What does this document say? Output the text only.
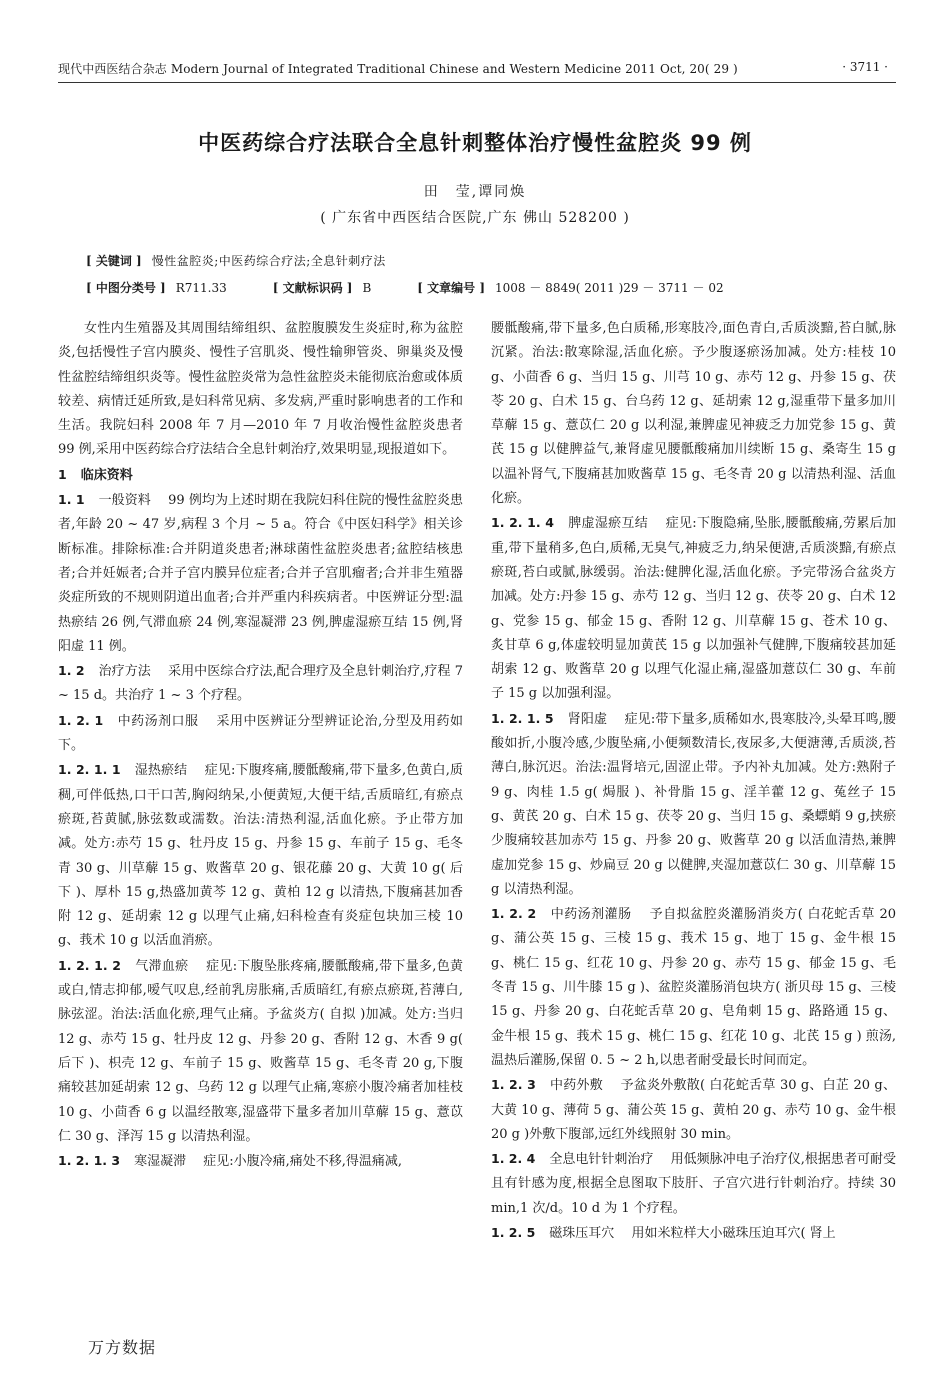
现代中西医结合杂志 Modern Journal of Integrated Traditional Chinese and Western Medicine 2011 Oct, 20( 29 )	· 3711 ·
中医药综合疗法联合全息针刺整体治疗慢性盆腔炎 99 例
田　莹,谭同焕
( 广东省中西医结合医院,广东 佛山 528200 )
[ 关键词 ] 慢性盆腔炎;中医药综合疗法;全息针刺疗法
[ 中图分类号 ] R711.33	[ 文献标识码 ] B	[ 文章编号 ] 1008 － 8849( 2011 )29 － 3711 － 02

女性内生殖器及其周围结缔组织、盆腔腹膜发生炎症时,称为盆腔炎,包括慢性子宫内膜炎、慢性子宫肌炎、慢性输卵管炎、卵巢炎及慢性盆腔结缔组织炎等。慢性盆腔炎常为急性盆腔炎未能彻底治愈或体质较差、病情迁延所致,是妇科常见病、多发病,严重时影响患者的工作和生活。我院妇科 2008 年 7 月—2010 年 7 月收治慢性盆腔炎患者 99 例,采用中医药综合疗法结合全息针刺治疗,效果明显,现报道如下。

1 临床资料

1. 1 一般资料　 99 例均为上述时期在我院妇科住院的慢性盆腔炎患者,年龄 20 ~ 47 岁,病程 3 个月 ~ 5 a。符合《中医妇科学》相关诊断标准。排除标准:合并阴道炎患者;淋球菌性盆腔炎患者;盆腔结核患者;合并妊娠者;合并子宫内膜异位症者;合并子宫肌瘤者;合并非生殖器炎症所致的不规则阴道出血者;合并严重内科疾病者。中医辨证分型:温热瘀结 26 例,气滞血瘀 24 例,寒湿凝滞 23 例,脾虚湿瘀互结 15 例,肾阳虚 11 例。

1. 2 治疗方法　 采用中医综合疗法,配合理疗及全息针刺治疗,疗程 7 ~ 15 d。共治疗 1 ~ 3 个疗程。

1. 2. 1 中药汤剂口服　 采用中医辨证分型辨证论治,分型及用药如下。

1. 2. 1. 1 湿热瘀结　 症见:下腹疼痛,腰骶酸痛,带下量多,色黄白,质稠,可伴低热,口干口苦,胸闷纳呆,小便黄短,大便干结,舌质暗红,有瘀点瘀斑,苔黄腻,脉弦数或濡数。治法:清热利湿,活血化瘀。予止带方加减。处方:赤芍 15 g、牡丹皮 15 g、丹参 15 g、车前子 15 g、毛冬青 30 g、川草薢 15 g、败酱草 20 g、银花藤 20 g、大黄 10 g( 后下 )、厚朴 15 g,热盛加黄芩 12 g、黄柏 12 g 以清热,下腹痛甚加香附 12 g、延胡索 12 g 以理气止痛,妇科检查有炎症包块加三棱 10 g、莪术 10 g 以活血消瘀。

1. 2. 1. 2 气滞血瘀　 症见:下腹坠胀疼痛,腰骶酸痛,带下量多,色黄或白,情志抑郁,嗳气叹息,经前乳房胀痛,舌质暗红,有瘀点瘀斑,苔薄白,脉弦涩。治法:活血化瘀,理气止痛。予盆炎方( 自拟 )加减。处方:当归 12 g、赤芍 15 g、牡丹皮 12 g、丹参 20 g、香附 12 g、木香 9 g( 后下 )、枳壳 12 g、车前子 15 g、败酱草 15 g、毛冬青 20 g,下腹痛较甚加延胡索 12 g、乌药 12 g 以理气止痛,寒瘀小腹冷痛者加桂枝 10 g、小茴香 6 g 以温经散寒,湿盛带下量多者加川草薢 15 g、薏苡仁 30 g、泽泻 15 g 以清热利湿。

1. 2. 1. 3 寒湿凝滞　 症见:小腹冷痛,痛处不移,得温痛减,

腰骶酸痛,带下量多,色白质稀,形寒肢冷,面色青白,舌质淡黯,苔白腻,脉沉紧。治法:散寒除湿,活血化瘀。予少腹逐瘀汤加减。处方:桂枝 10 g、小茴香 6 g、当归 15 g、川芎 10 g、赤芍 12 g、丹参 15 g、茯苓 20 g、白术 15 g、台乌药 12 g、延胡索 12 g,湿重带下量多加川草薢 15 g、薏苡仁 20 g 以利湿,兼脾虚见神疲乏力加党参 15 g、黄芪 15 g 以健脾益气,兼肾虚见腰骶酸痛加川续断 15 g、桑寄生 15 g 以温补肾气,下腹痛甚加败酱草 15 g、毛冬青 20 g 以清热利湿、活血化瘀。

1. 2. 1. 4 脾虚湿瘀互结　 症见:下腹隐痛,坠胀,腰骶酸痛,劳累后加重,带下量稍多,色白,质稀,无臭气,神疲乏力,纳呆便溏,舌质淡黯,有瘀点瘀斑,苔白或腻,脉缓弱。治法:健脾化湿,活血化瘀。予完带汤合盆炎方加减。处方:丹参 15 g、赤芍 12 g、当归 12 g、茯苓 20 g、白术 12 g、党参 15 g、郁金 15 g、香附 12 g、川草薢 15 g、苍术 10 g、炙甘草 6 g,体虚较明显加黄芪 15 g 以加强补气健脾,下腹痛较甚加延胡索 12 g、败酱草 20 g 以理气化湿止痛,湿盛加薏苡仁 30 g、车前子 15 g 以加强利湿。

1. 2. 1. 5 肾阳虚　 症见:带下量多,质稀如水,畏寒肢冷,头晕耳鸣,腰酸如折,小腹冷感,少腹坠痛,小便频数清长,夜尿多,大便溏薄,舌质淡,苔薄白,脉沉迟。治法:温肾培元,固涩止带。予内补丸加减。处方:熟附子 9 g、肉桂 1.5 g( 焗服 )、补骨脂 15 g、淫羊藿 12 g、菟丝子 15 g、黄芪 20 g、白术 15 g、茯苓 20 g、当归 15 g、桑螵蛸 9 g,挟瘀少腹痛较甚加赤芍 15 g、丹参 20 g、败酱草 20 g 以活血清热,兼脾虚加党参 15 g、炒扁豆 20 g 以健脾,夹湿加薏苡仁 30 g、川草薢 15 g 以清热利湿。

1. 2. 2 中药汤剂灌肠　 予自拟盆腔炎灌肠消炎方( 白花蛇舌草 20 g、蒲公英 15 g、三棱 15 g、莪术 15 g、地丁 15 g、金牛根 15 g、桃仁 15 g、红花 10 g、丹参 20 g、赤芍 15 g、郁金 15 g、毛冬青 15 g、川牛膝 15 g )、盆腔炎灌肠消包块方( 浙贝母 15 g、三棱 15 g、丹参 20 g、白花蛇舌草 20 g、皂角刺 15 g、路路通 15 g、金牛根 15 g、莪术 15 g、桃仁 15 g、红花 10 g、北芪 15 g ) 煎汤,温热后灌肠,保留 0. 5 ~ 2 h,以患者耐受最长时间而定。

1. 2. 3 中药外敷　 予盆炎外敷散( 白花蛇舌草 30 g、白芷 20 g、大黄 10 g、薄荷 5 g、蒲公英 15 g、黄柏 20 g、赤芍 10 g、金牛根 20 g )外敷下腹部,远红外线照射 30 min。

1. 2. 4 全息电针针刺治疗　 用低频脉冲电子治疗仪,根据患者可耐受且有针感为度,根据全息图取下肢肝、子宫穴进行针刺治疗。持续 30 min,1 次/d。10 d 为 1 个疗程。

1. 2. 5 磁珠压耳穴　 用如米粒样大小磁珠压迫耳穴( 肾上

万方数据
